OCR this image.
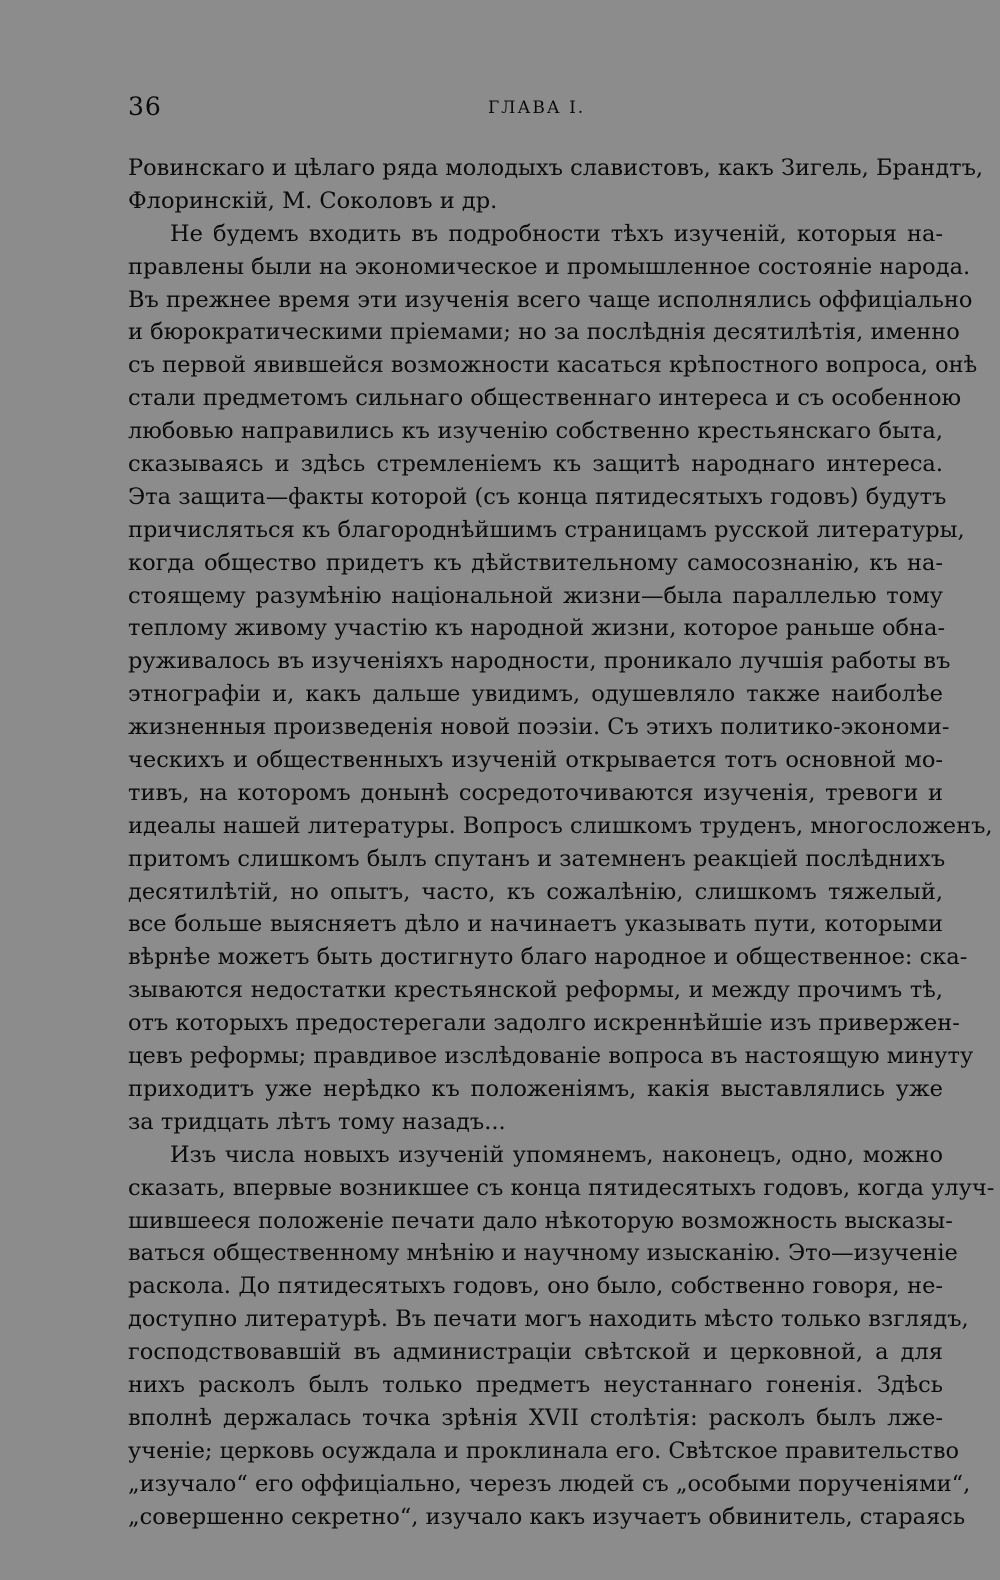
36	ГЛАВА I.
Ровинскаго и цѣлаго ряда молодыхъ славистовъ, какъ Зигель, Брандтъ,
Флоринскій, М. Соколовъ и др.
Не будемъ входить въ подробности тѣхъ изученій, которыя на-
правлены были на экономическое и промышленное состояніе народа.
Въ прежнее время эти изученія всего чаще исполнялись оффиціально
и бюрократическими пріемами; но за послѣднія десятилѣтія, именно
съ первой явившейся возможности касаться крѣпостного вопроса, онѣ
стали предметомъ сильнаго общественнаго интереса и съ особенною
любовью направились къ изученію собственно крестьянскаго быта,
сказываясь и здѣсь стремленіемъ къ защитѣ народнаго интереса.
Эта защита—факты которой (съ конца пятидесятыхъ годовъ) будутъ
причисляться къ благороднѣйшимъ страницамъ русской литературы,
когда общество придетъ къ дѣйствительному самосознанію, къ на-
стоящему разумѣнію національной жизни—была параллелью тому
теплому живому участію къ народной жизни, которое раньше обна-
руживалось въ изученіяхъ народности, проникало лучшія работы въ
этнографіи и, какъ дальше увидимъ, одушевляло также наиболѣе
жизненныя произведенія новой поэзіи. Съ этихъ политико-экономи-
ческихъ и общественныхъ изученій открывается тотъ основной мо-
тивъ, на которомъ донынѣ сосредоточиваются изученія, тревоги и
идеалы нашей литературы. Вопросъ слишкомъ труденъ, многосложенъ,
притомъ слишкомъ былъ спутанъ и затемненъ реакціей послѣднихъ
десятилѣтій, но опытъ, часто, къ сожалѣнію, слишкомъ тяжелый,
все больше выясняетъ дѣло и начинаетъ указывать пути, которыми
вѣрнѣе можетъ быть достигнуто благо народное и общественное: ска-
зываются недостатки крестьянской реформы, и между прочимъ тѣ,
отъ которыхъ предостерегали задолго искреннѣйшіе изъ привержен-
цевъ реформы; правдивое изслѣдованіе вопроса въ настоящую минуту
приходитъ уже нерѣдко къ положеніямъ, какія выставлялись уже
за тридцать лѣтъ тому назадъ...
Изъ числа новыхъ изученій упомянемъ, наконецъ, одно, можно
сказать, впервые возникшее съ конца пятидесятыхъ годовъ, когда улуч-
шившееся положеніе печати дало нѣкоторую возможность высказы-
ваться общественному мнѣнію и научному изысканію. Это—изученіе
раскола. До пятидесятыхъ годовъ, оно было, собственно говоря, не-
доступно литературѣ. Въ печати могъ находить мѣсто только взглядъ,
господствовавшій въ администраціи свѣтской и церковной, а для
нихъ расколъ былъ только предметъ неустаннаго гоненія. Здѣсь
вполнѣ держалась точка зрѣнія XVII столѣтія: расколъ былъ лже-
ученіе; церковь осуждала и проклинала его. Свѣтское правительство
„изучало“ его оффиціально, черезъ людей съ „особыми порученіями“,
„совершенно секретно“, изучало какъ изучаетъ обвинитель, стараясь
